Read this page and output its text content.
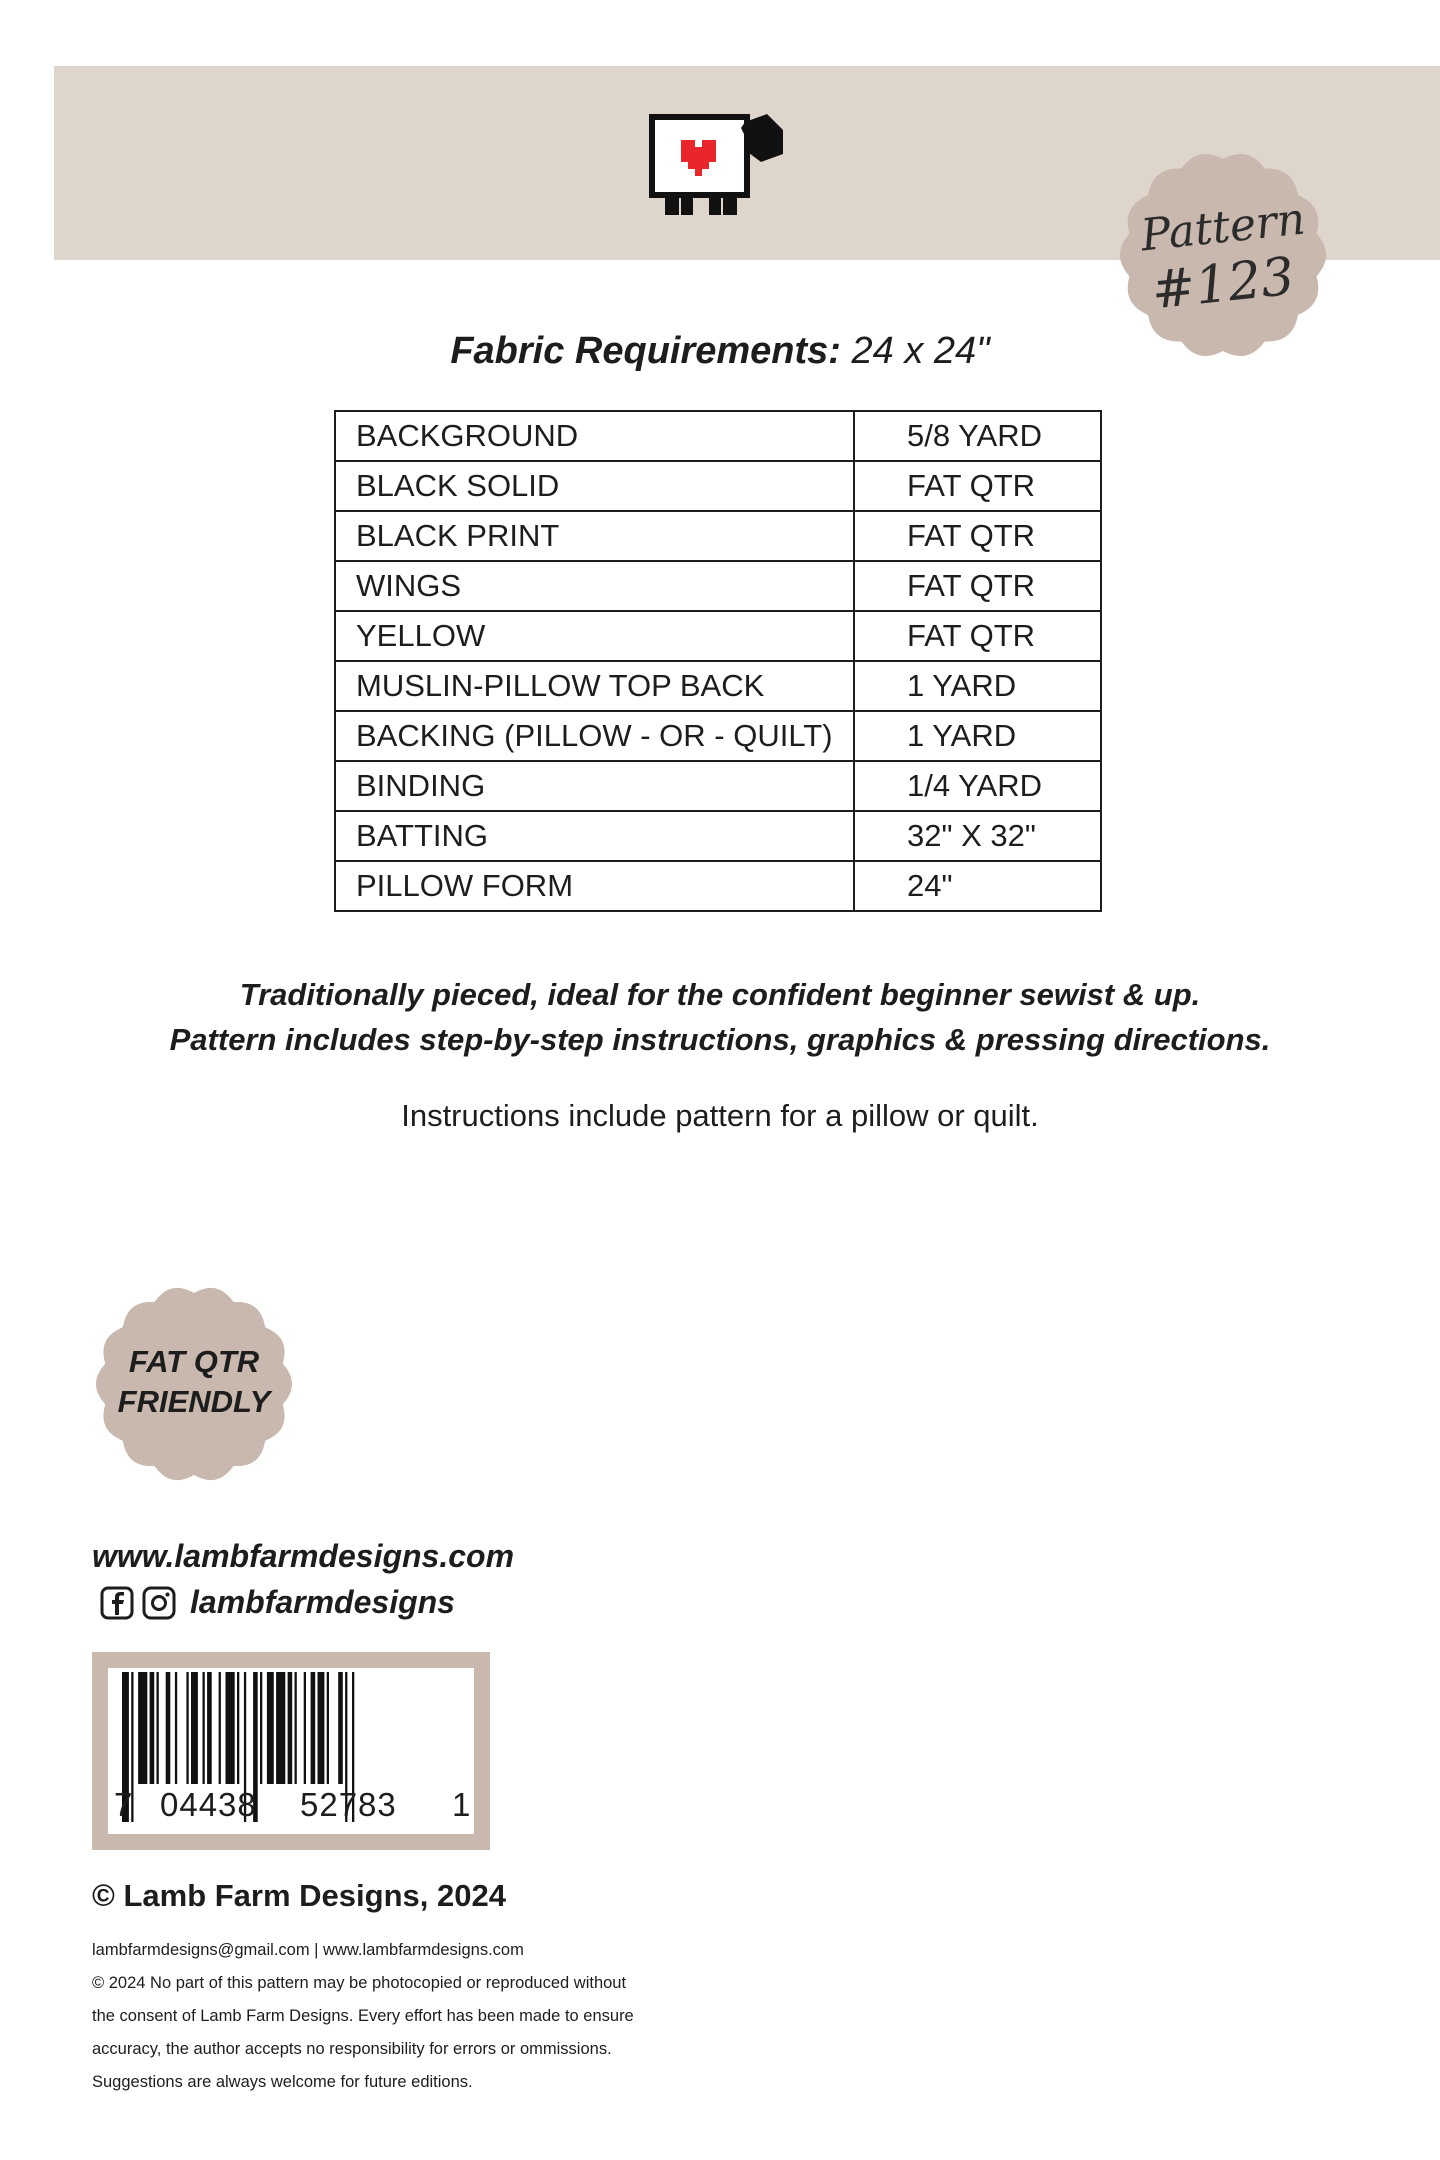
Pattern
#123
Fabric Requirements: 24 x 24"
BACKGROUND	5/8 YARD
BLACK SOLID	FAT QTR
BLACK PRINT	FAT QTR
WINGS	FAT QTR
YELLOW	FAT QTR
MUSLIN-PILLOW TOP BACK	1 YARD
BACKING (PILLOW - OR - QUILT)	1 YARD
BINDING	1/4 YARD
BATTING	32" X 32"
PILLOW FORM	24"
Traditionally pieced, ideal for the confident beginner sewist & up.
Pattern includes step-by-step instructions, graphics & pressing directions.
Instructions include pattern for a pillow or quilt.
FAT QTR
FRIENDLY
www.lambfarmdesigns.com
lambfarmdesigns
7 04438 52783 1
© Lamb Farm Designs, 2024
lambfarmdesigns@gmail.com | www.lambfarmdesigns.com
© 2024 No part of this pattern may be photocopied or reproduced without
the consent of Lamb Farm Designs. Every effort has been made to ensure
accuracy, the author accepts no responsibility for errors or ommissions.
Suggestions are always welcome for future editions.
